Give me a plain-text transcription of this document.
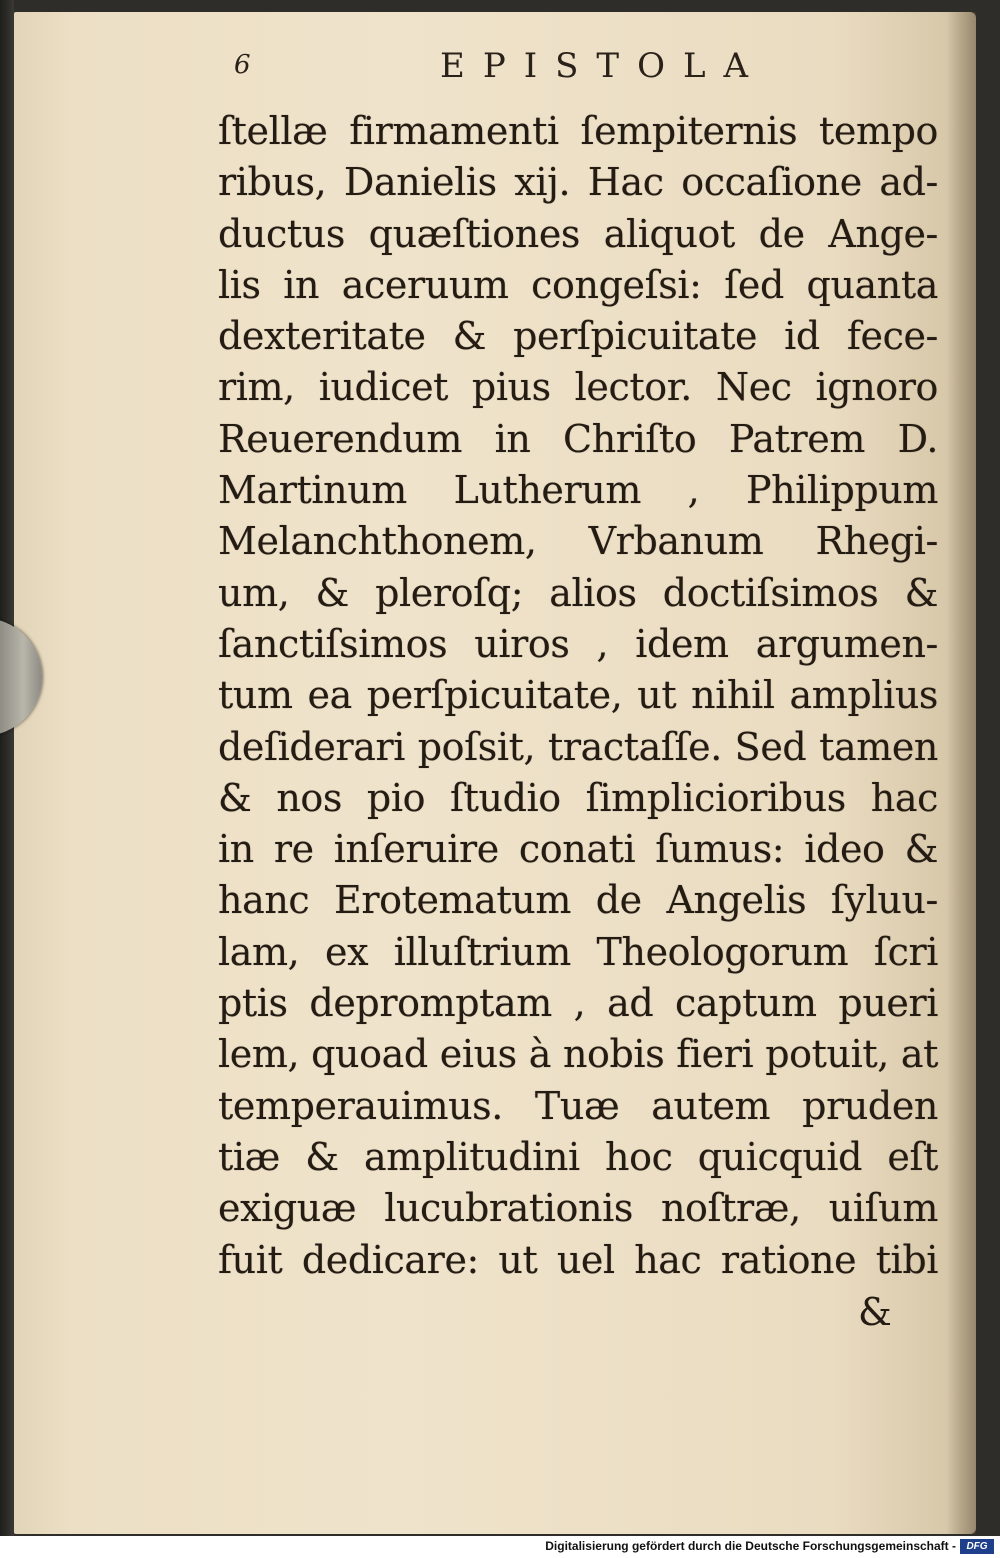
6	EPISTOLA
ſtellæ firmamenti ſempiternis tempo
ribus, Danielis xij. Hac occaſione ad-
ductus quæſtiones aliquot de Ange-
lis in aceruum congeſsi: ſed quanta
dexteritate & perſpicuitate id fece-
rim, iudicet pius lector. Nec ignoro
Reuerendum in Chriſto Patrem D.
Martinum Lutherum , Philippum
Melanchthonem, Vrbanum Rhegi-
um, & pleroſq; alios doctiſsimos &
ſanctiſsimos uiros , idem argumen-
tum ea perſpicuitate, ut nihil amplius
deſiderari poſsit, tractaſſe. Sed tamen
& nos pio ſtudio ſimplicioribus hac
in re inſeruire conati ſumus: ideo &
hanc Erotematum de Angelis ſyluu-
lam, ex illuſtrium Theologorum ſcri
ptis depromptam , ad captum pueri
lem, quoad eius à nobis fieri potuit, at
temperauimus. Tuæ autem pruden
tiæ & amplitudini hoc quicquid eſt
exiguæ lucubrationis noſtræ, uiſum
fuit dedicare: ut uel hac ratione tibi
&
Digitalisierung gefördert durch die Deutsche Forschungsgemeinschaft -	DFG
